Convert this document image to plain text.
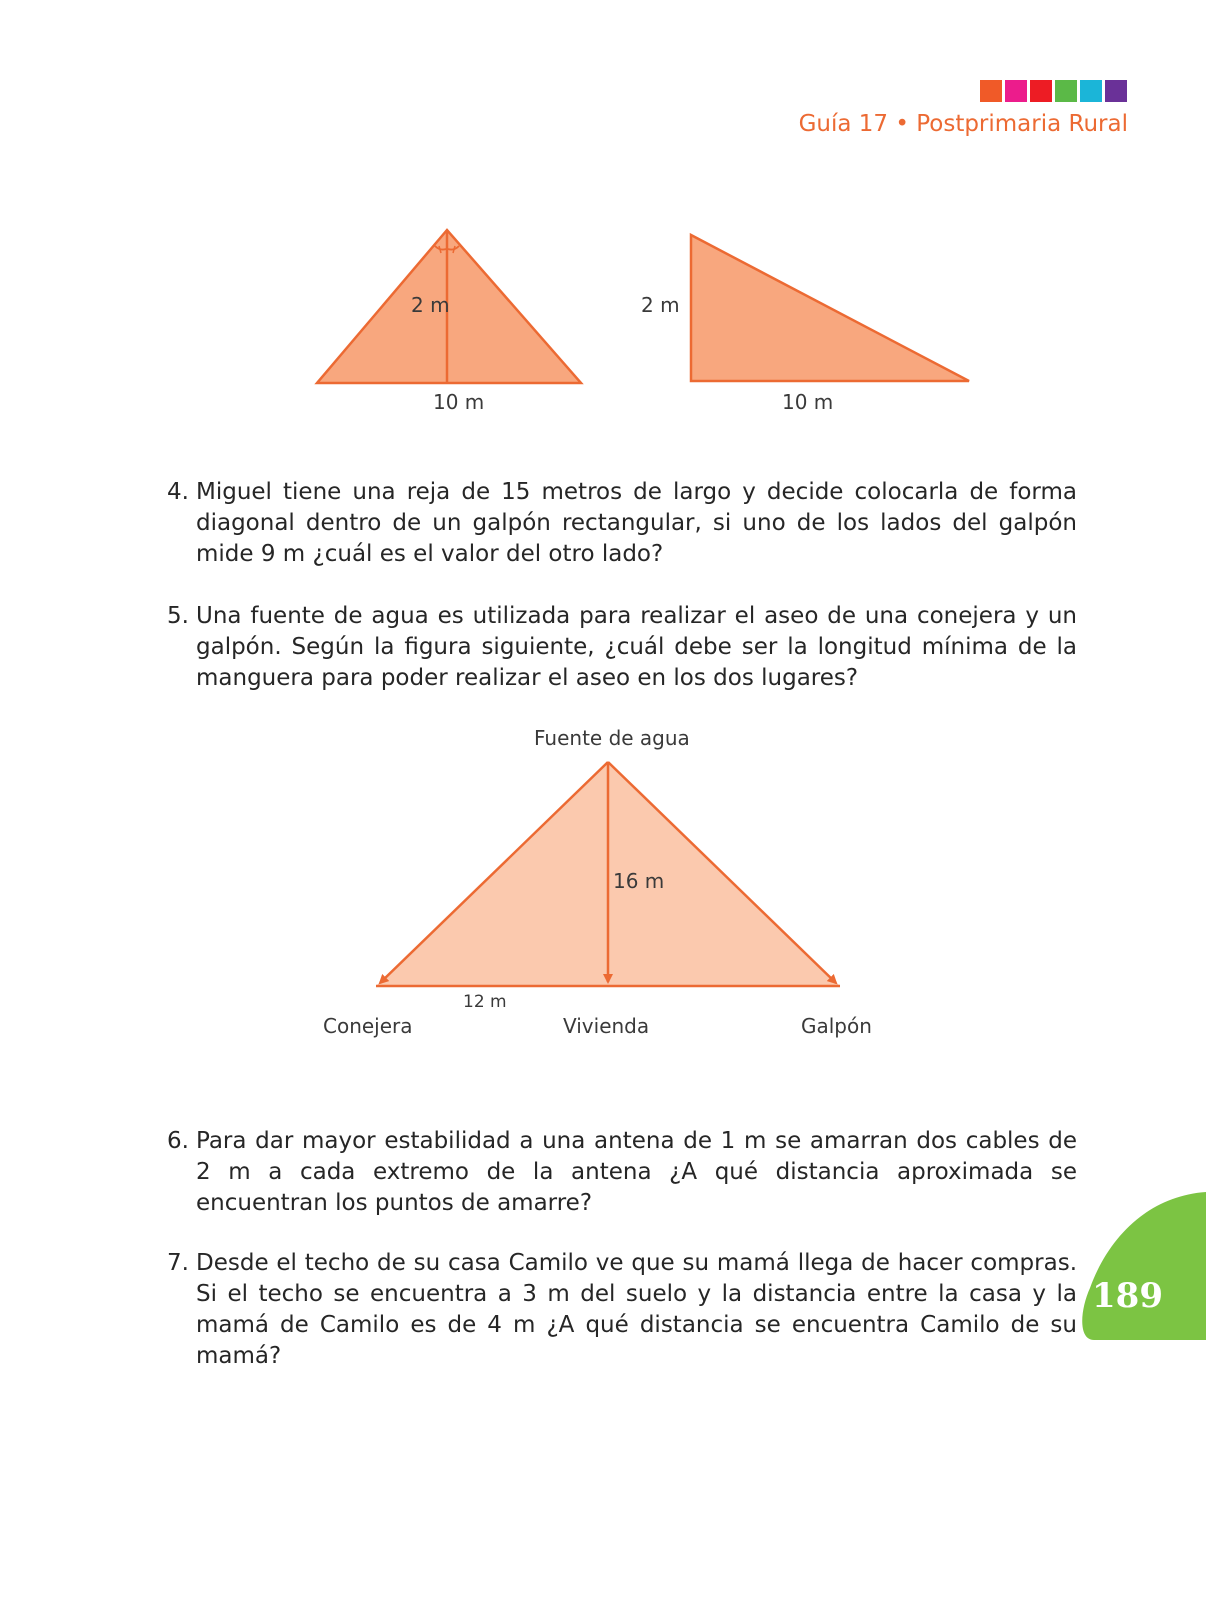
Guía 17 • Postprimaria Rural
2 m
10 m
2 m
10 m
4. Miguel tiene una reja de 15 metros de largo y decide colocarla de forma diagonal dentro de un galpón rectangular, si uno de los lados del galpón mide 9 m ¿cuál es el valor del otro lado?
5. Una fuente de agua es utilizada para realizar el aseo de una conejera y un galpón. Según la figura siguiente, ¿cuál debe ser la longitud mínima de la manguera para poder realizar el aseo en los dos lugares?
Fuente de agua
16 m
12 m
Conejera	Vivienda	Galpón
6. Para dar mayor estabilidad a una antena de 1 m se amarran dos cables de 2 m a cada extremo de la antena ¿A qué distancia aproximada se encuentran los puntos de amarre?
7. Desde el techo de su casa Camilo ve que su mamá llega de hacer compras. Si el techo se encuentra a 3 m del suelo y la distancia entre la casa y la mamá de Camilo es de 4 m ¿A qué distancia se encuentra Camilo de su mamá?
189
